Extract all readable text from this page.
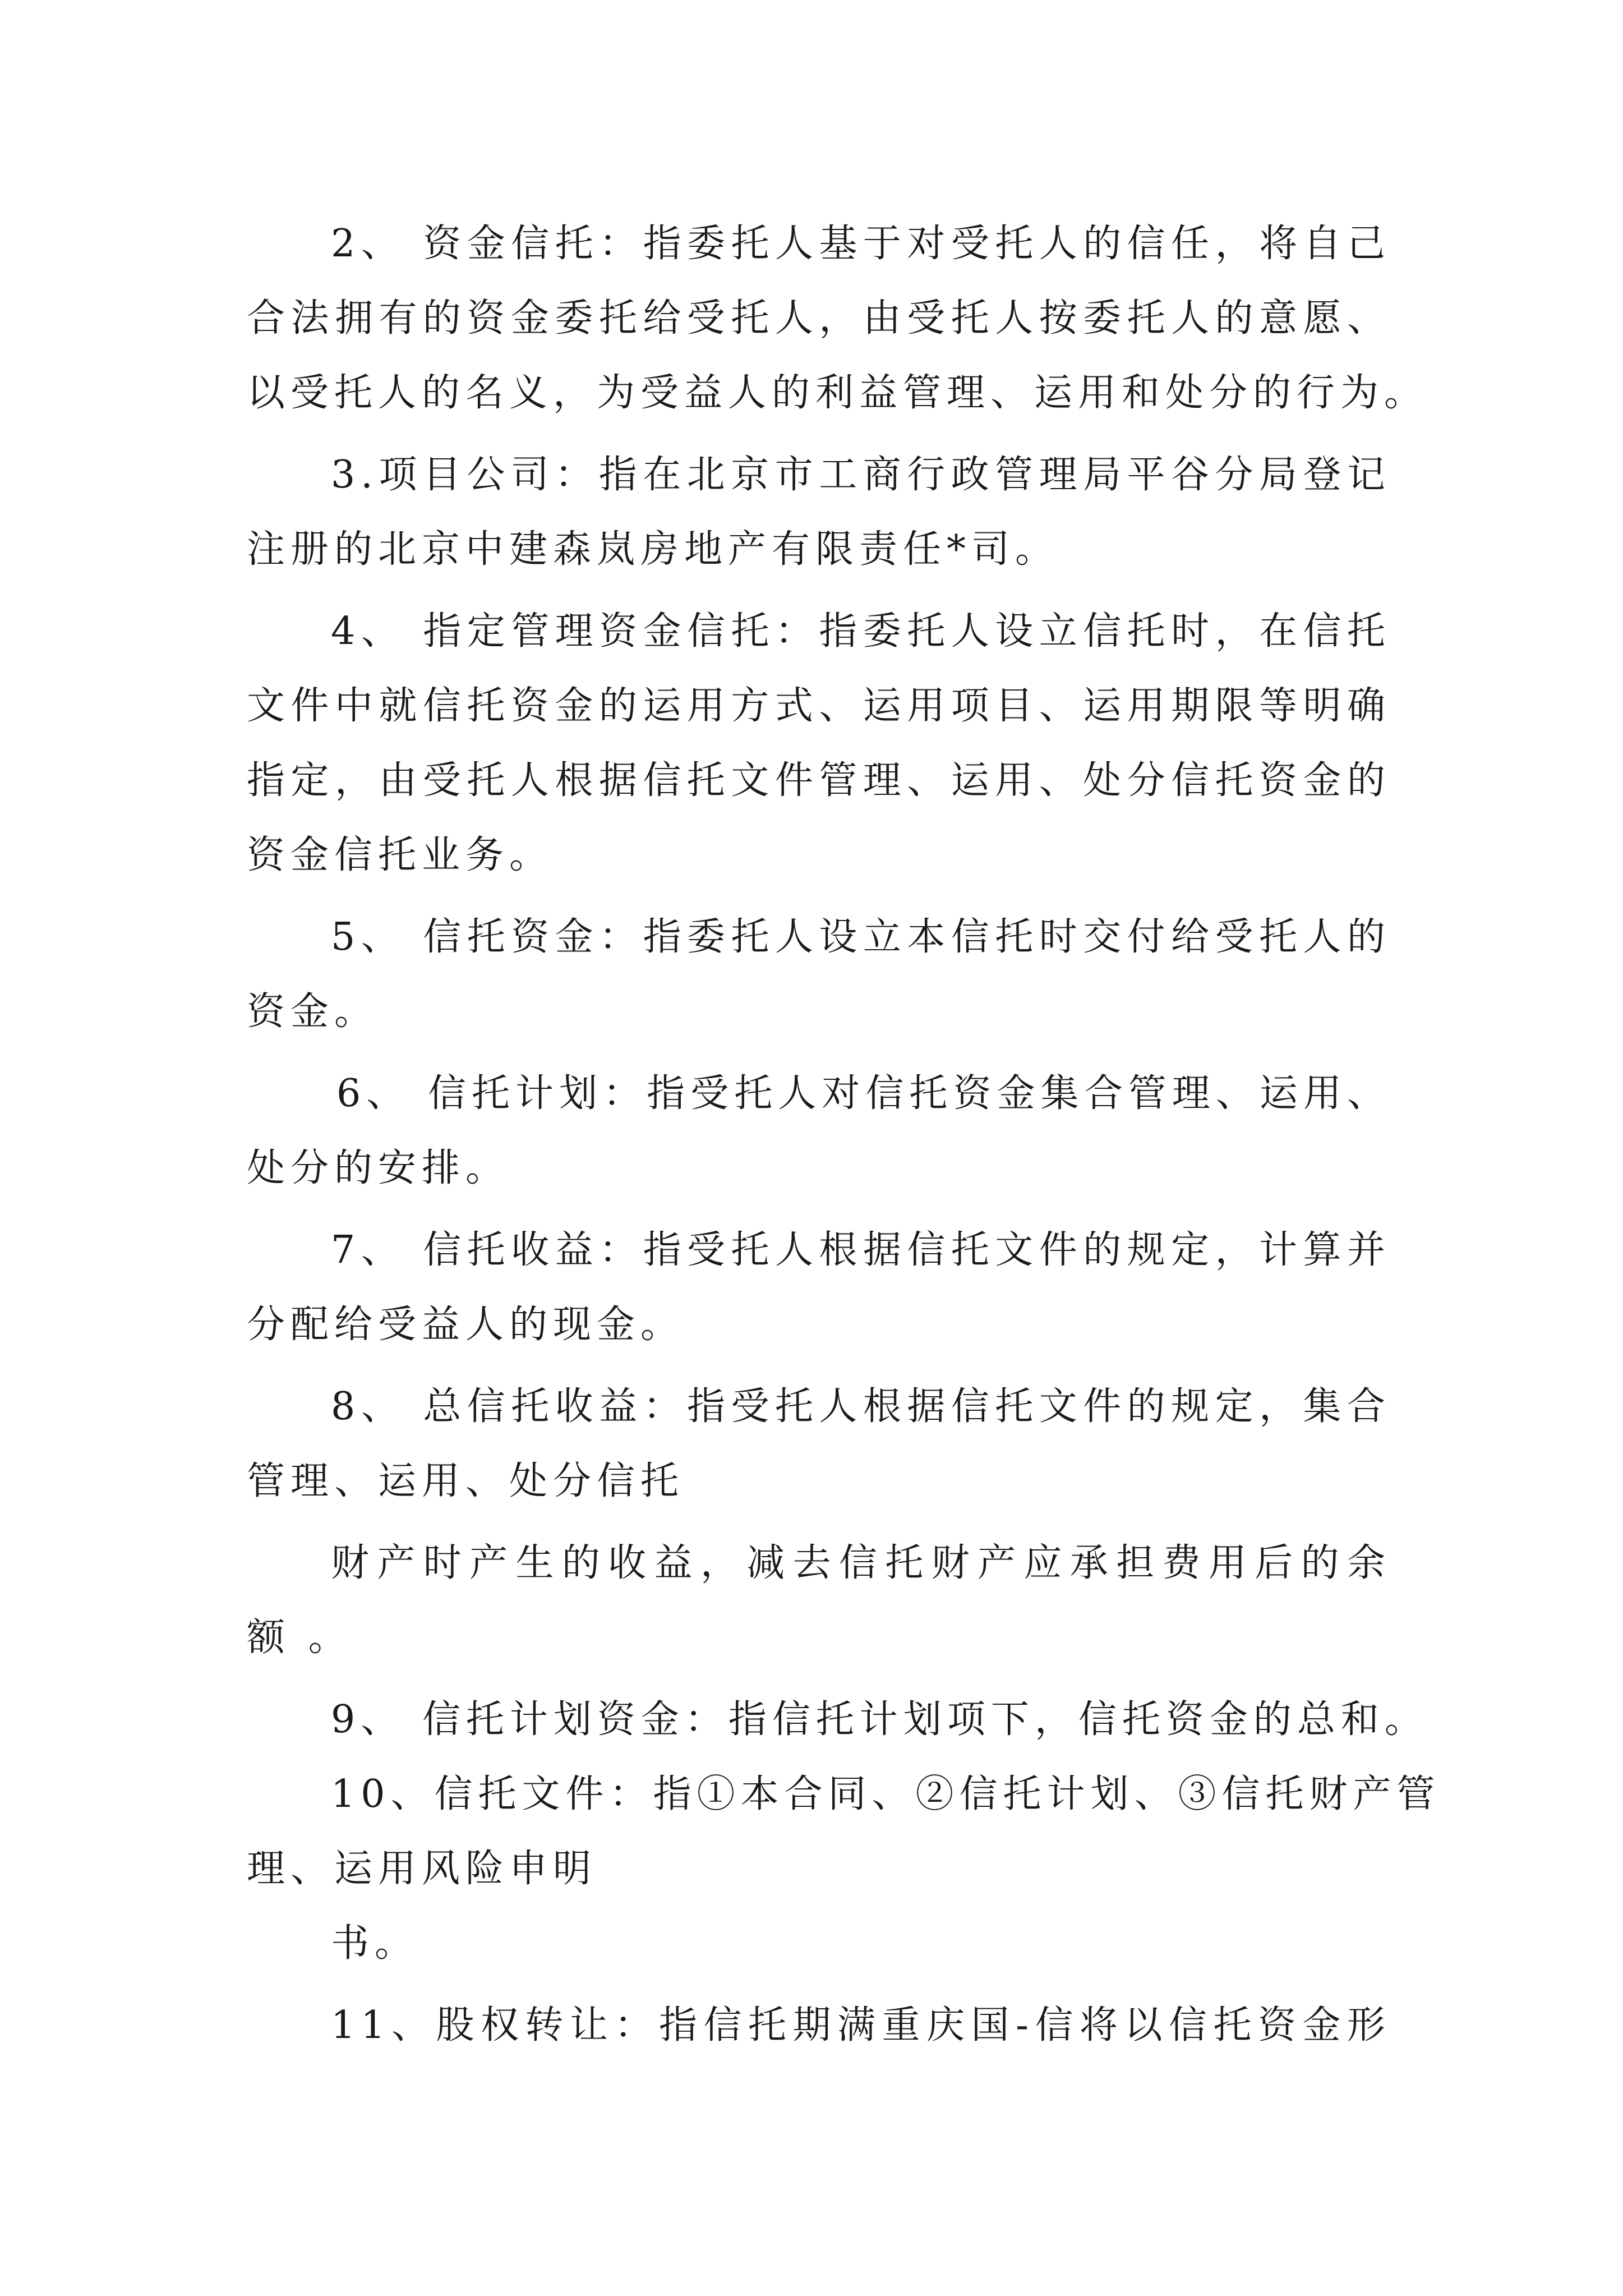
2、 资金信托：指委托人基于对受托人的信任，将自己
合法拥有的资金委托给受托人，由受托人按委托人的意愿、
以受托人的名义，为受益人的利益管理、运用和处分的行为。
3.项目公司：指在北京市工商行政管理局平谷分局登记
注册的北京中建森岚房地产有限责任*司。
4、 指定管理资金信托：指委托人设立信托时，在信托
文件中就信托资金的运用方式、运用项目、运用期限等明确
指定，由受托人根据信托文件管理、运用、处分信托资金的
资金信托业务。
5、 信托资金：指委托人设立本信托时交付给受托人的
资金。
6、 信托计划：指受托人对信托资金集合管理、运用、
处分的安排。
7、 信托收益：指受托人根据信托文件的规定，计算并
分配给受益人的现金。
8、 总信托收益：指受托人根据信托文件的规定，集合
管理、运用、处分信托
财产时产生的收益，减去信托财产应承担费用后的余
额 。
9、 信托计划资金：指信托计划项下，信托资金的总和。
10、信托文件：指①本合同、②信托计划、③信托财产管
理、运用风险申明
书。
11、股权转让：指信托期满重庆国-信将以信托资金形
